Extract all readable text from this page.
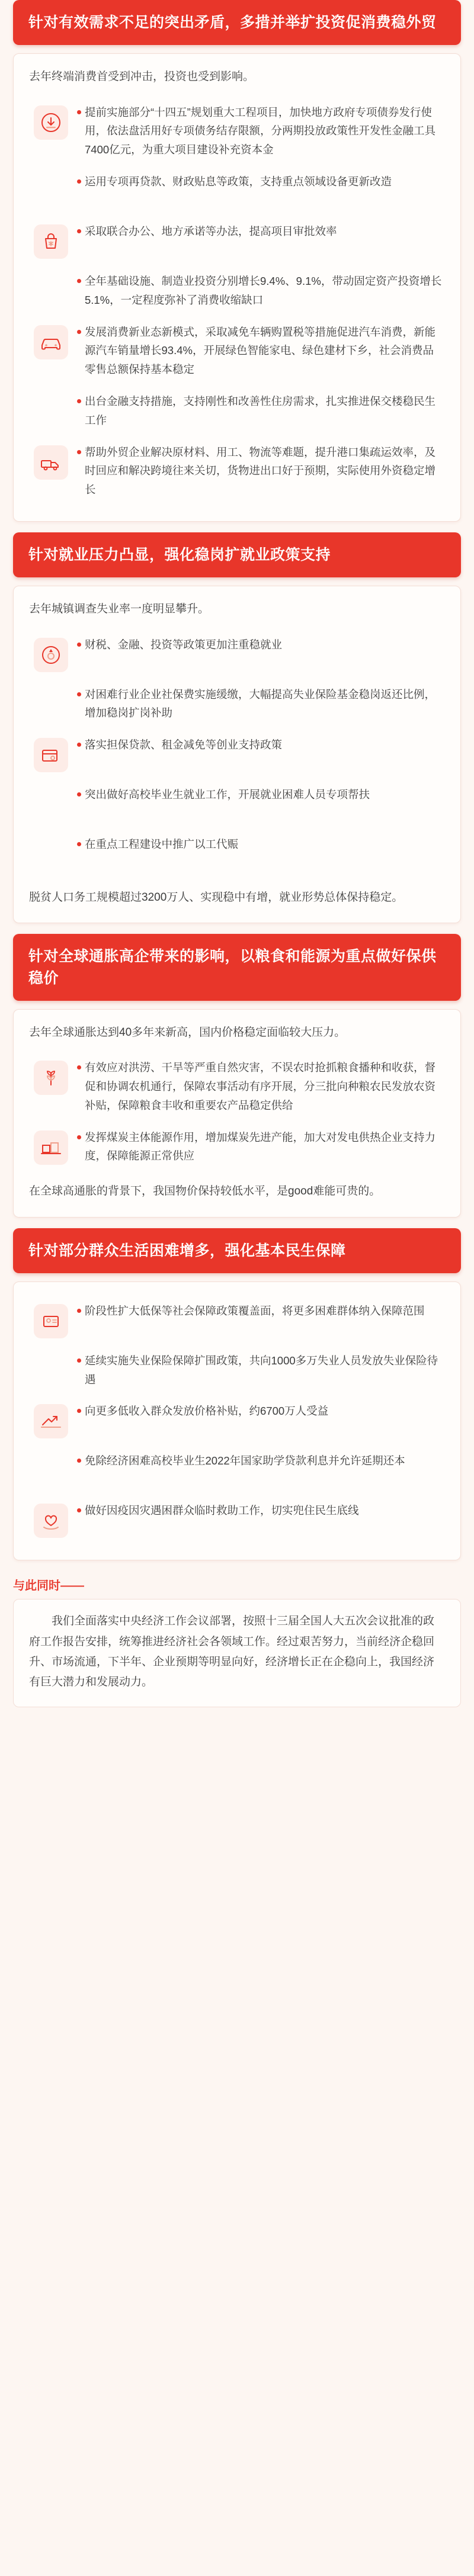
针对有效需求不足的突出矛盾，多措并举扩投资促消费稳外贸

去年终端消费首受到冲击，投资也受到影响。

提前实施部分“十四五”规划重大工程项目，加快地方政府专项债券发行使用，依法盘活用好专项债务结存限额，分两期投放政策性开发性金融工具7400亿元，为重大项目建设补充资本金
运用专项再贷款、财政贴息等政策，支持重点领域设备更新改造
采取联合办公、地方承诺等办法，提高项目审批效率
全年基础设施、制造业投资分别增长9.4%、9.1%，带动固定资产投资增长5.1%，一定程度弥补了消费收缩缺口
发展消费新业态新模式，采取减免车辆购置税等措施促进汽车消费，新能源汽车销量增长93.4%，开展绿色智能家电、绿色建材下乡，社会消费品零售总额保持基本稳定
出台金融支持措施，支持刚性和改善性住房需求，扎实推进保交楼稳民生工作
帮助外贸企业解决原材料、用工、物流等难题，提升港口集疏运效率，及时回应和解决跨境往来关切，货物进出口好于预期，实际使用外资稳定增长
针对就业压力凸显，强化稳岗扩就业政策支持

去年城镇调查失业率一度明显攀升。

财税、金融、投资等政策更加注重稳就业
对困难行业企业社保费实施缓缴，大幅提高失业保险基金稳岗返还比例，增加稳岗扩岗补助
落实担保贷款、租金减免等创业支持政策
突出做好高校毕业生就业工作，开展就业困难人员专项帮扶
在重点工程建设中推广以工代赈

脱贫人口务工规模超过3200万人、实现稳中有增，就业形势总体保持稳定。

针对全球通胀高企带来的影响，以粮食和能源为重点做好保供稳价

去年全球通胀达到40多年来新高，国内价格稳定面临较大压力。

有效应对洪涝、干旱等严重自然灾害，不误农时抢抓粮食播种和收获，督促和协调农机通行，保障农事活动有序开展，分三批向种粮农民发放农资补贴，保障粮食丰收和重要农产品稳定供给
发挥煤炭主体能源作用，增加煤炭先进产能，加大对发电供热企业支持力度，保障能源正常供应

在全球高通胀的背景下，我国物价保持较低水平，是good难能可贵的。

针对部分群众生活困难增多，强化基本民生保障
阶段性扩大低保等社会保障政策覆盖面，将更多困难群体纳入保障范围
延续实施失业保险保障扩围政策，共向1000多万失业人员发放失业保险待遇
向更多低收入群众发放价格补贴，约6700万人受益
免除经济困难高校毕业生2022年国家助学贷款利息并允许延期还本
做好因疫因灾遇困群众临时救助工作，切实兜住民生底线
与此同时——

我们全面落实中央经济工作会议部署，按照十三届全国人大五次会议批准的政府工作报告安排，统筹推进经济社会各领域工作。经过艰苦努力，当前经济企稳回升、市场流通，下半年、企业预期等明显向好，经济增长正在企稳向上，我国经济有巨大潜力和发展动力。
